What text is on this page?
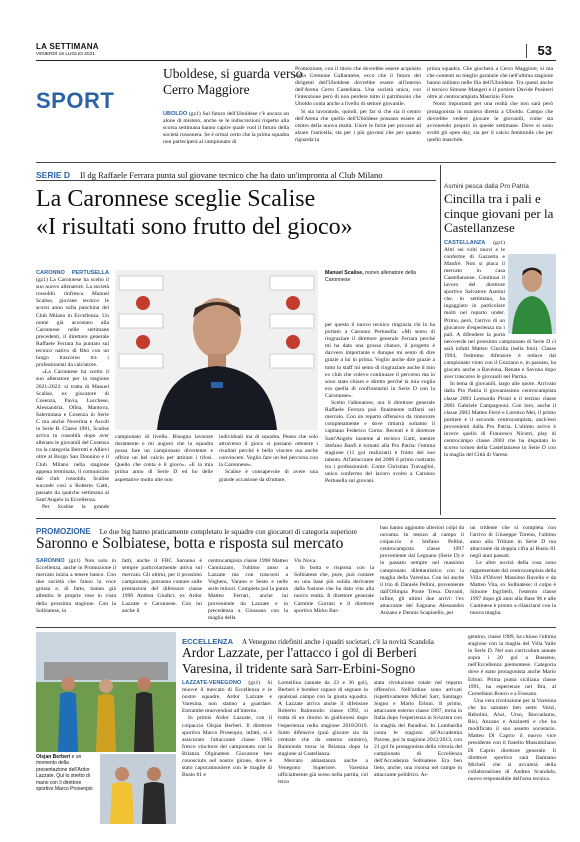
LA SETTIMANA
VENERDÌ 16 LUGLIO 2021	53
SPORT
Uboldese, si guarda verso Cerro Maggiore

UBOLDO (gz1) Sul futuro dell'Uboldese c'è ancora un alone di mistero, anche se le indiscrezioni rispetto alla scorsa settimana hanno capire quale vuol il futuro della società rossonera. Se è ormai certo che la prima squadra non parteciperà al campionato di

Promozione, con il titolo che dovrebbe essere acquisito dalla Cremone Gallaratese, ecco che il futuro dei dirigenti dell'Uboldese dovrebbe essere all'interno dell'Arena Cerro Castellana. Una società unica, con l'intenzione però di non perdere tutto il patrimonio che Uboldo conta anche a livello di settore giovanile.

Si sta lavorando, quindi, per far sì che sia il centro dell'Arena che quello dell'Uboldese possano essere al centro della nuova realtà. Unire le forze per provare ad alzare l'asticella, sta per i più giovani che per quanto riguarda la

prima squadra. Che giocherà a Cerro Maggiore, si ma che contenti su meglio garanzie che nell'ultima stagione hanno militato nelle fila dell'Uboldese. Tra questi anche il tecnico Simone Mangeri e il portiere Davide Pusineri oltre al centrocampista Maurizio Fiore.

Nomi importanti per una realtà che non sarà però protagonista in maniera diretta a Uboldo. Campo che dovrebbe vedere giocare le giovanili, come sta avvenendo proprio in queste settimane. Dove si sono svolti gli open day, sia per il calcio femminile che per quello maschile.

SERIE D Il dg Raffaele Ferrara punta sul giovane tecnico che ha dato un'impronta al Club Milano
La Caronnese sceglie Scalise
«I risultati sono frutto del gioco»

CARONNO PERTUSELLA (gz1) La Caronnese ha scelto il suo nuovo allenatore. La società rossoblù rinfresca Manuel Scalise, giovane tecnico le scorsi anno sulla panchina del Club Milano in Eccellenza. Un nome già accostato alla Caronnese nelle settimane precedenti, il direttore generale Raffaele Ferrara ha puntato sul tecnico nativo di Rho con un lungo trascorso tra i professionisti da calciatore.

«La Caronnese ha scelto il suo allenatore per la stagione 2021-2022: si tratta di Manuel Scalise, ex giocatore di Cosenza, Pavia, Lucchese, Alessandria, Olbia, Mantova, Salernitana e Cosenza in Serie C ma anche Nocerina e Ascoli in Serie B. Classe 1981, Scalise arriva in rossoblù dopo aver allenato le giovanili del Cosenza tra la categoria Berretti e Allievi oltre al Borgo San Donnino e il Club Milano nella stagione appena terminata, il comunicato dal club rossoblù. Scalise succede così a Roberto Gatti, passato da qualche settimana al Sant'Angelo in Eccellenza.

Per Scalise la grande

campionato di livello. Bisogna lavorare duramente e mi auguro che la squadra possa fare un campionato divertente e offrire un bel calcio per attirare i tifosi. Quello che conta è il gioco». «E la mia prima anno di Serie D ed ho delle aspettative molto alte non

individuali ma di squadra. Penso che solo attraverso il gioco si possano ottenere i risultati perché è bello vincere ma anche convincere. Voglio fare un bel percorso con la Caronnese».

Scalise è consapevole di avere una grande occasione da sfruttare,

Manuel Scalise, nuovo allenatore della Caronnese

per questo il nuovo tecnico ringrazia chi lo ha portato a Caronno Pertusella: «Mi sento di ringraziare il direttore generale Ferrara perché mi ha dato una grossa chance, il progetto è davvero importante e dunque mi sento di dire grazie a lui in prima. Voglio anche dire grazie a tutto lo staff mi sento di ringraziare anche il mio ex club che volevo continuare il percorso ma io sono stato chiaro e diretto perché la mia voglia era quella di confrontarmi in Serie D con la Caronnese».

Scelto l'allenatore, ora il direttore generale Raffaele Ferrara può finalmente tuffarsi sul mercato. Con un reparto offensivo da rinnovare completamente e dove rimarrà soltanto il capitano Federico Corno. Recenti è il direttore Sant'Angelo insieme al tecnico Gatti, mentre Stefano Banfi è tornato alla Pro Patria: l'ottima stagione (11 gol realizzati) è frutto del suo talento. All'attaccante del 2000 il primo contratto tra i professionisti. Come Christian Travaglini, unico confermo del lavoro svolto a Caronno Pertusella sul giovani.

Asmini pesca dalla Pro Patria
Cincilla tra i pali e cinque giovani per la Castellanzese

CASTELLANZA (gz1) Altri sei volti nuovi e le conferme di Gazzetta e Manfrè. Non si placa il mercato in casa Castellanzese. Continua il lavoro del direttore sportivo Salvatore Asmini che, in settimana, ha ingaggiato in particolare molti nel reparto under. Primo, però, l'arrivo di un giocatore d'esperienza tra i pali. A difendere la porta neroverde nel prossimo campionato di Serie D ci sarà infatti Matteo Cincilla (nella foto). Classe 1994, l'estremo difensore è reduce dal campionato vinto con il Gozzano e, in passato, ha giocato anche a Ravenna, Renate e Savona dopo aver trascorso le giovanili nel Parma.

In tema di giovanili, largo alle quote. Arrivato dalla Pro Patria il giovanissimo centrocampista classe 2003 Leonardo Pirani e il terzino classe 2001 Gabriele Campagnoni. Con loro, anche il classe 2003 Matteo Ferré e Lorenzo Mei, il primo portiere e il secondo centrocampista, anch'essi provenienti dalla Pro Patria. L'ultimo arrivo è invece quello di Francesco Nicotri, play di centrocampo classe 2003 che ha disputato lo scorso torneo della Castellanzese in Serie D con la maglia del Città di Varese.

PROMOZIONE Le due big hanno praticamente completato le squadre con giocatori di categoria superiore
Saronno e Solbiatese, botta e risposta sul mercato

SARONNO (gz1) Non solo in Eccellenza, anche in Promozione il mercato inizia a tenere banco. Con due società che fanno la voce grossa e, di fatto, hanno già allestito le proprie rose in vista della prossima stagione. Con la Solbiatese, in

fatti, anche il FBC Saronno è sempre particolarmente attiva sul mercato. Gli ultimi, per il prossimo campionato, potranno contare sulle prestazioni del difensore classe 1996 Andrea Giudici, ex Ardor Lazzate e Caronnese. Con lui anche il

centrocampista classe 1998 Matteo Cannizzaro, l'ultimo anno a Lazzate ma con trascorsi a Voghera, Varano e Sesto e nelle serie minori. Completa poi la punta Matteo Ferrari, anche lui proveniente da Lazzate e in precedenza a Giussano con la maglia della

Vis Nova.

In botta e risposta con la Solbiatese che, pure, può contare su una base più solida derivante dalla fusione che ha dato vita alla nuova realtà. Il direttore generale Carmine Gorrasi e il direttore sportivo Mirko Bar-

ban hanno aggiunto ulteriori colpi da novanta. In mezzo al campo il colpaccio è Stefano Pellini, centrocampista classe 1997 proveniente dal Legnano (Serie D) e in passato sempre nel massimo campionato dilettantistico con la maglia della Varesina. Con lui anche il trio di Daniele Pellini, proveniente dall'Olimpia Ponte Tresa. Davanti, infine, gli ultimi due arrivi: l'ex attaccante del Fagnano Alessandro Anzano e Dennis Scapinello, per

un tridente che si completa con l'arrivo di Giuseppe Toreno, l'ultimo anno alla Tritium in Serie D ma attaccante da doppia cifra al Busto 81 negli anni passati.

Le altre novità della rosa sono rappresentate dal centrocampista della Villa d'Oliveri Massimo Ravello e da Matteo Vita, ex Solbiatese: il colpo è Simone Ingrilelli, l'esterno classe 1997 dopo gli anni alla Base 96 e alle Cantinese è pronto a rilanciarsi con la nuova maglia.

ECCELLENZA A Venegono ridefiniti anche i quadri societari, c'è la novità Scandola
Ardor Lazzate, per l'attacco i gol di Berberi
Varesina, il tridente sarà Sarr-Erbini-Sogno
Olsjan Berberi e un momento della presentazione dell'Ardor Lazzate. Qui lo stretto di mano con il direttore sportivo Marco Prosenpio

LAZZATE-VENEGONO (gz1) Si muove il mercato di Eccellenza e le nostre squadre, Ardor Lazzate e Varesina, non stanno a guardare. Entrambe muovendosi all'interno.

In primis Ardor Lazzate, con il colpaccio Olsjan Berberi. Il direttore sportivo Marco Prosenpio, infatti, si è assicurato l'attaccante classe 1985 fresco vincitore del campionato con la Brianza Olginatese. Giocatore ben conosciuto nel nostro girone, dove è stato capocannoniere con le maglie di Busto 81 e

Lomellina (annate da 23 e 30 gol), Berberi è bomber capace di segnare in qualsiasi campo con la giusta squadra. A Lazzate arriva anche il difensore Roberto Raimondo: classe 1992, si tratta di un ritorno in giallorossi dopo l'esperienza nella stagione 2018/2019. Sotto difensivo (può giocare sia da centrale che da esterno sinistro), Raimondo torna in Brianza dopo la stagione al Castellanza.

Mercato abbastanza anche a Venegono Superiore. Varesina ufficialmente già sceso nella partita, col terzo

stata rivoluzione totale nel reparto offensivo. Nell'ordine sono arrivati rispettivamente Michel Sarr, Santiago Sogno e Mario Erbini. Il primo, attaccante esterno classe 1987, torna in Italia dopo l'esperienza in Svizzera con la maglia del Paradiso. In Lombardia conta le stagioni all'Accademia Pavese, poi la stagione 2012/2013, con 21 gol fu protagonista della vittoria del campionato di Eccellenza dell'Accademia Solbiatese. Era ben lieto, anche, una risorsa nel campo in attaccante polidrico. Ar-

gentino, classe 1989, ha chiuso l'ultima stagione con la maglia del Villa Valle in Serie D. Nel suo curriculum annate sopra i 20 gol a Busseno, nell'Eccellenza piemontese. Categoria dove è stato protagonista anche Mario Erbini. Prima punta siciliana classe 1991, ha esperienze nel Bra, al Cornellano Ronco e a Fossano.

Una vera rivoluzione per la Varesina che ha salutato ben sette: Vezzì, Rebolini, Alwi, Urso, Boccadamo, Risi, Anzano e Anzinetti e che ha modificato il suo assetto societario. Matteo Di Caprio il nuovo vice presidente con il fratello Massimiliano Di Caprio direttore generale. Il direttore sportivo sarà Damiano Micheli che si avvalerà della collaborazione di Andrea Scandola, nuovo responsabile dell'area tecnica.
